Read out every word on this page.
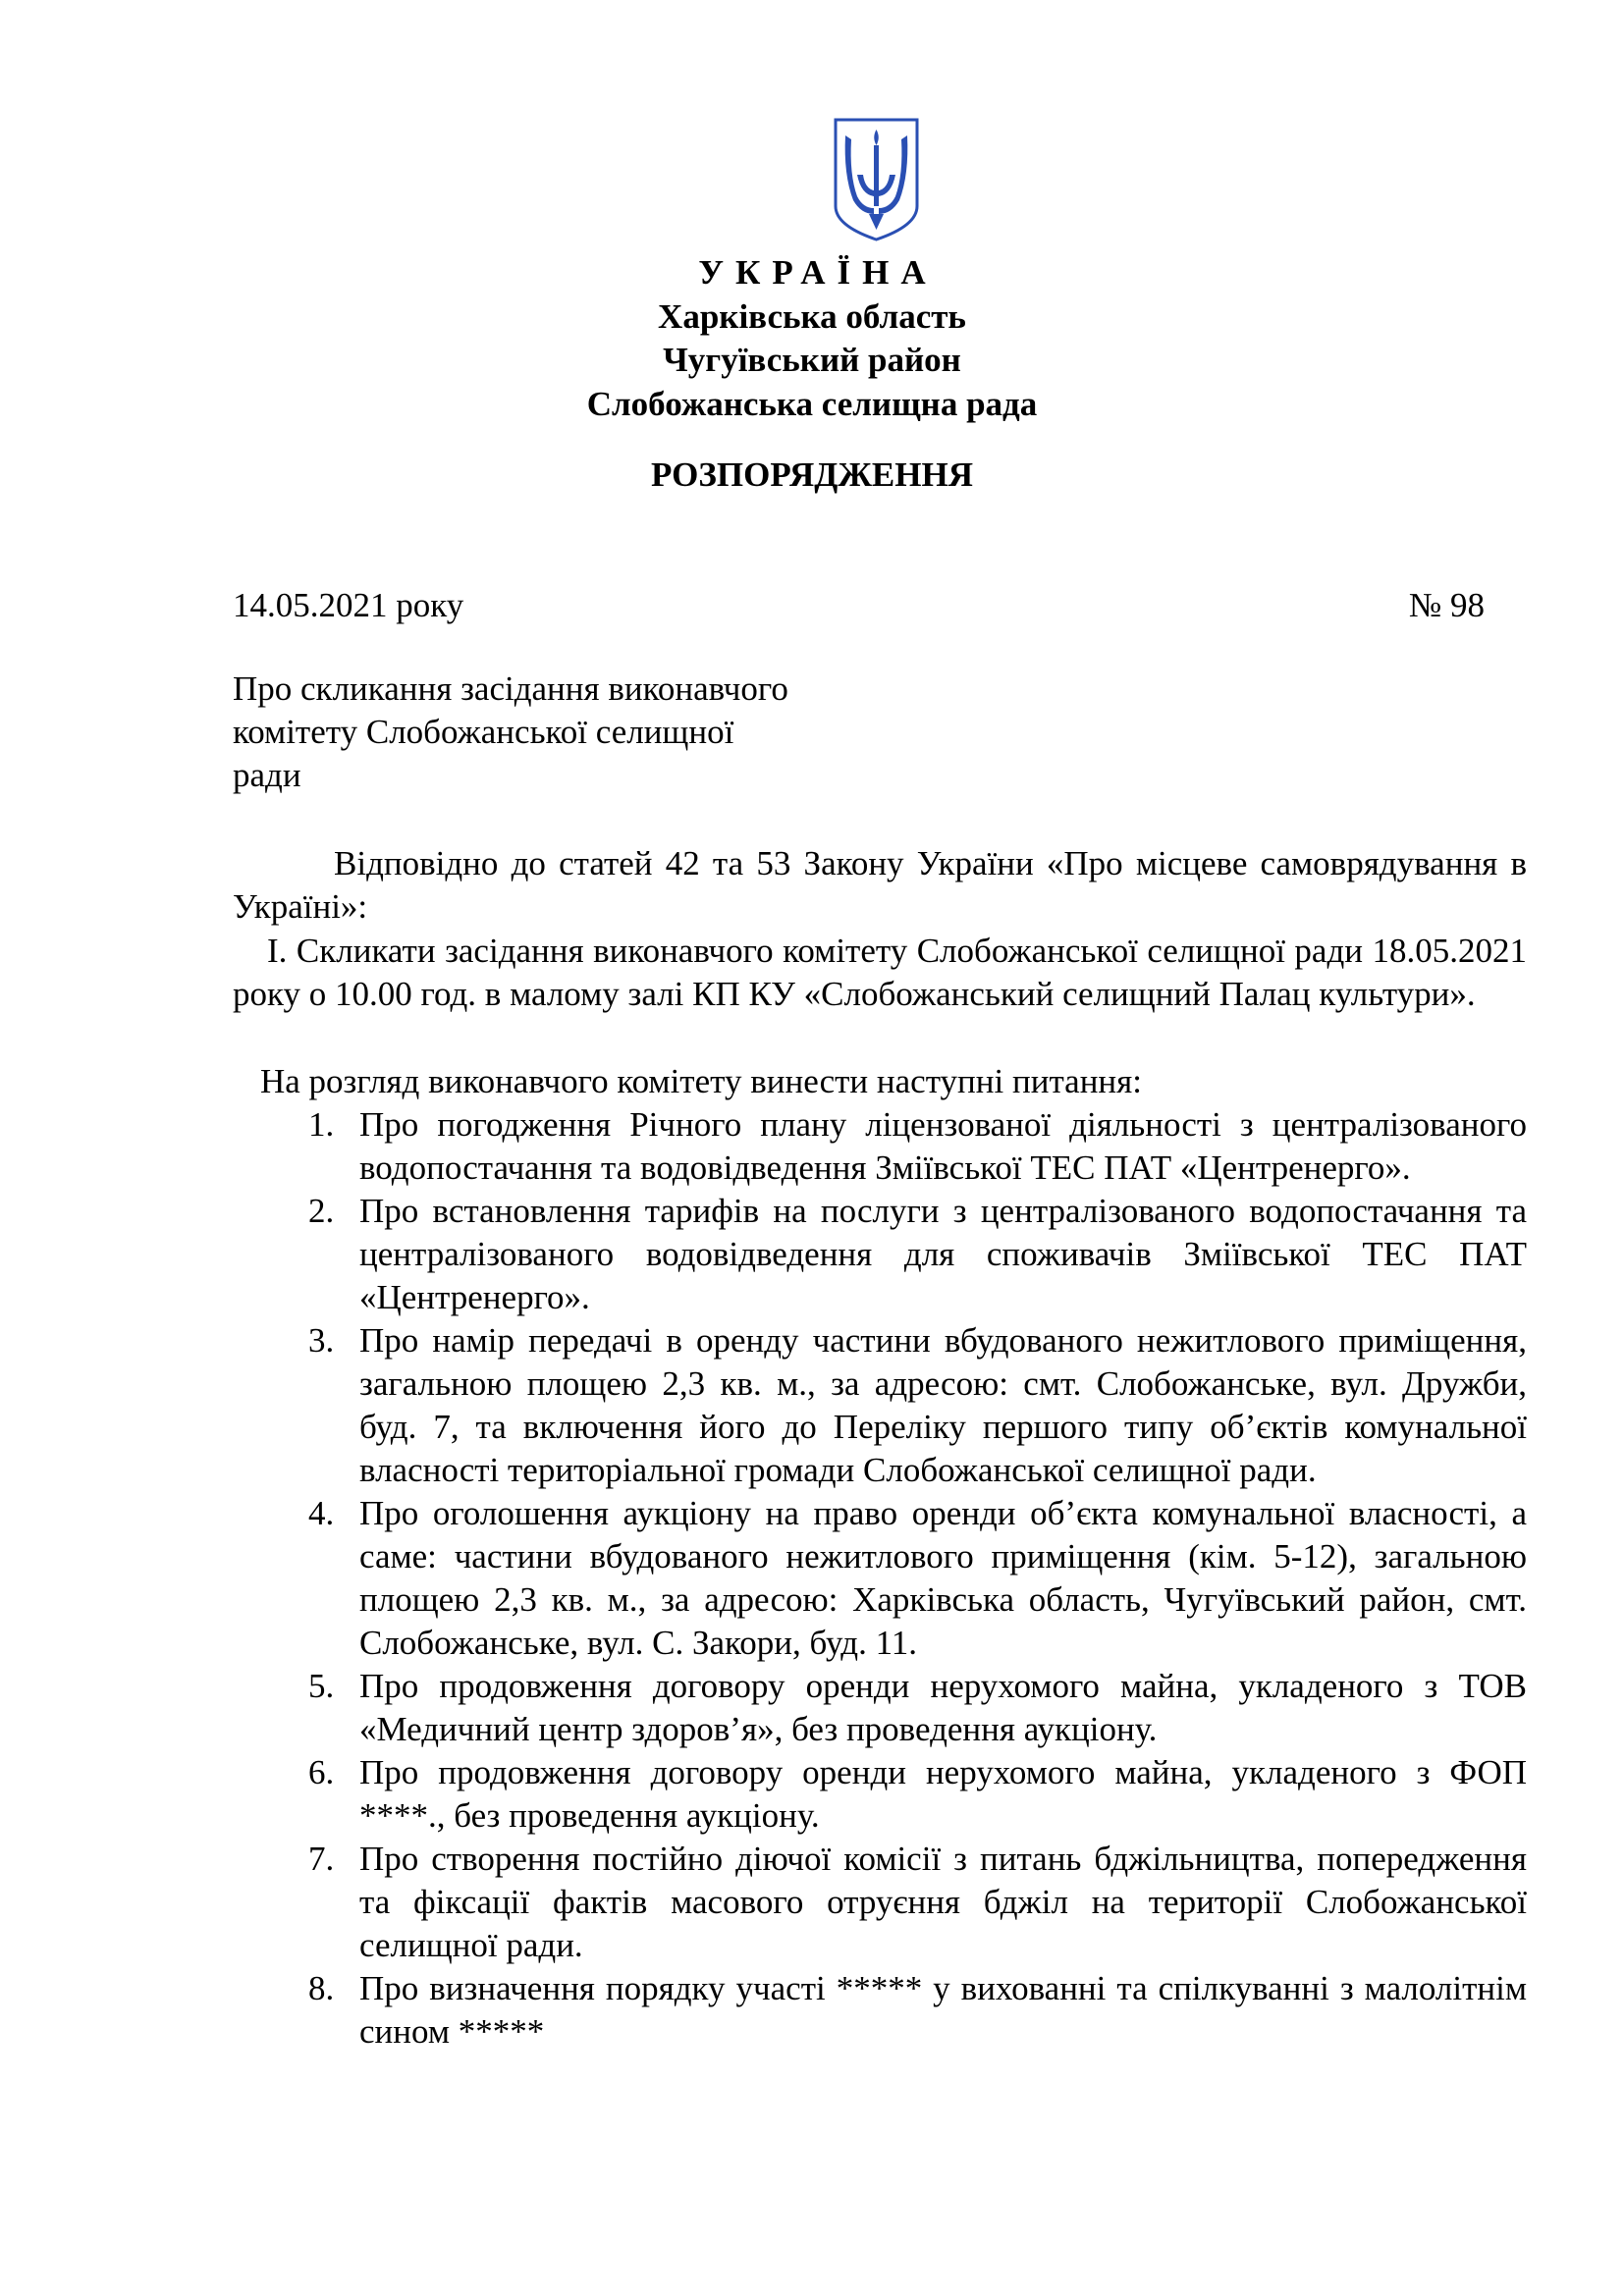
УКРАЇНА
Харківська область
Чугуївський район
Слобожанська селищна рада
РОЗПОРЯДЖЕННЯ
14.05.2021 року	№ 98
Про скликання засідання виконавчого
комітету Слобожанської селищної
ради
Відповідно до статей 42 та 53 Закону України «Про місцеве самоврядування в Україні»:
І. Скликати засідання виконавчого комітету Слобожанської селищної ради 18.05.2021 року о 10.00 год. в малому залі КП КУ «Слобожанський селищний Палац культури».
На розгляд виконавчого комітету винести наступні питання:
1. Про погодження Річного плану ліцензованої діяльності з централізованого водопостачання та водовідведення Зміївської ТЕС ПАТ «Центренерго».
2. Про встановлення тарифів на послуги з централізованого водопостачання та централізованого водовідведення для споживачів Зміївської ТЕС ПАТ «Центренерго».
3. Про намір передачі в оренду частини вбудованого нежитлового приміщення, загальною площею 2,3 кв. м., за адресою: смт. Слобожанське, вул. Дружби, буд. 7, та включення його до Переліку першого типу об’єктів комунальної власності територіальної громади Слобожанської селищної ради.
4. Про оголошення аукціону на право оренди об’єкта комунальної власності, а саме: частини вбудованого нежитлового приміщення (кім. 5-12), загальною площею 2,3 кв. м., за адресою: Харківська область, Чугуївський район, смт. Слобожанське, вул. С. Закори, буд. 11.
5. Про продовження договору оренди нерухомого майна, укладеного з ТОВ «Медичний центр здоров’я», без проведення аукціону.
6. Про продовження договору оренди нерухомого майна, укладеного з ФОП ****., без проведення аукціону.
7. Про створення постійно діючої комісії з питань бджільництва, попередження та фіксації фактів масового отруєння бджіл на території Слобожанської селищної ради.
8. Про визначення порядку участі ***** у вихованні та спілкуванні з малолітнім сином *****
